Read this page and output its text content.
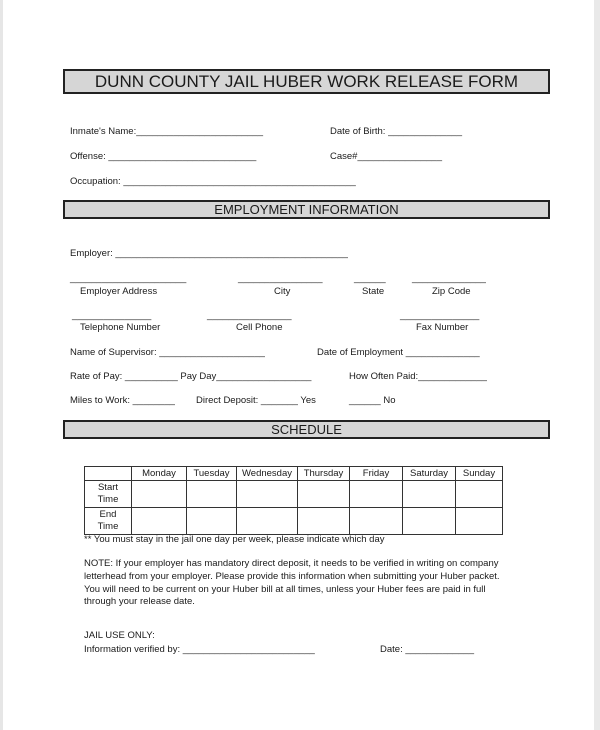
DUNN COUNTY JAIL HUBER WORK RELEASE FORM
Inmate's Name:________________________	Date of Birth: ______________
Offense: ____________________________	Case#________________
Occupation: ____________________________________________
EMPLOYMENT INFORMATION
Employer: ____________________________________________
______________________	________________	______	______________
Employer Address	City	State	Zip Code
_______________	________________	_______________
Telephone Number	Cell Phone	Fax Number
Name of Supervisor: ____________________	Date of Employment ______________
Rate of Pay: __________ Pay Day__________________	How Often Paid:_____________
Miles to Work: ________ Direct Deposit: _______ Yes	______ No
SCHEDULE
	Monday	Tuesday	Wednesday	Thursday	Friday	Saturday	Sunday
Start Time							
End Time							
** You must stay in the jail one day per week, please indicate which day
NOTE: If your employer has mandatory direct deposit, it needs to be verified in writing on company
letterhead from your employer. Please provide this information when submitting your Huber packet.
You will need to be current on your Huber bill at all times, unless your Huber fees are paid in full
through your release date.
JAIL USE ONLY:
Information verified by: _________________________	Date: _____________
